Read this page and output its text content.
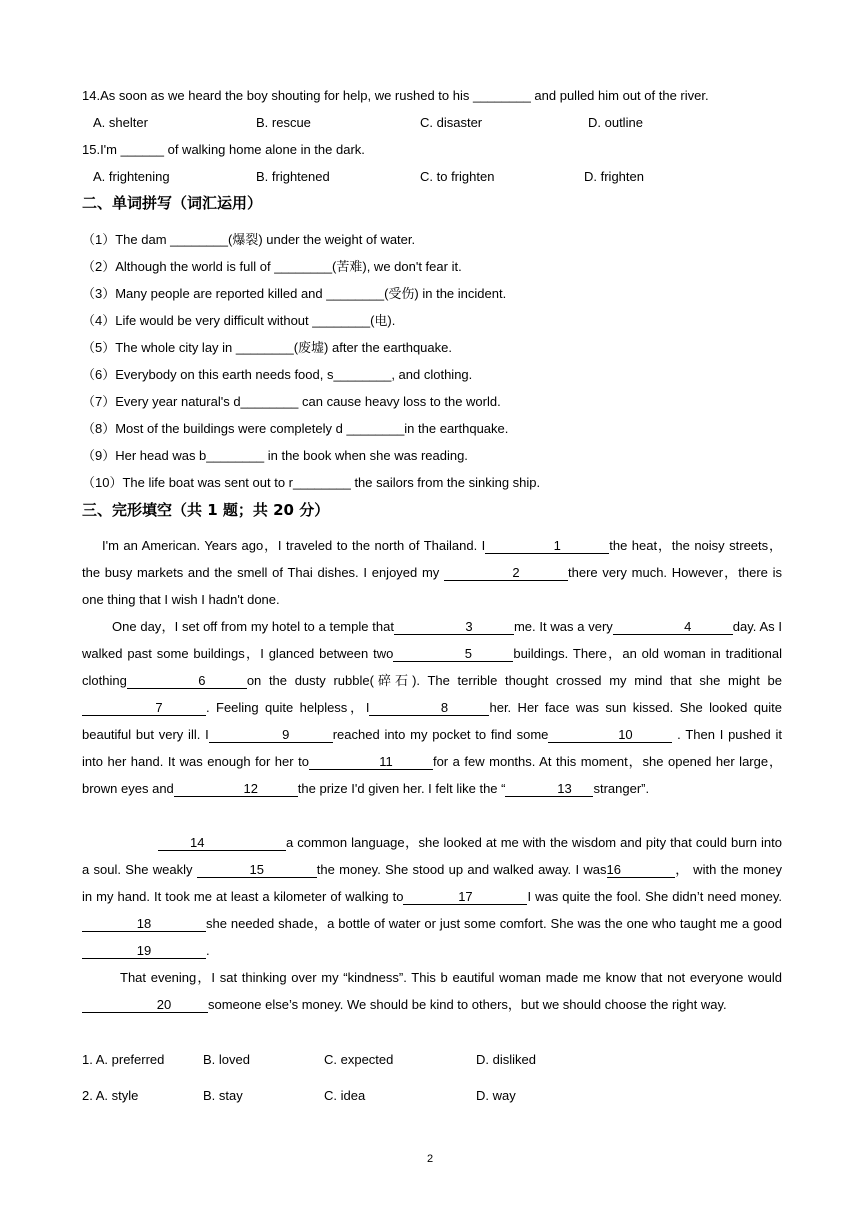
14.As soon as we heard the boy shouting for help, we rushed to his ________ and pulled him out of the river.
A. shelter	B. rescue	C. disaster	D. outline
15.I'm ______ of walking home alone in the dark.
A. frightening	B. frightened	C. to frighten	D. frighten
二、单词拼写（词汇运用）
（1）The dam ________(爆裂) under the weight of water.
（2）Although the world is full of ________(苦难), we don't fear it.
（3）Many people are reported killed and ________(受伤) in the incident.
（4）Life would be very difficult without ________(电).
（5）The whole city lay in ________(废墟) after the earthquake.
（6）Everybody on this earth needs food, s________, and clothing.
（7）Every year natural's d________ can cause heavy loss to the world.
（8）Most of the buildings were completely d ________in the earthquake.
（9）Her head was b________ in the book when she was reading.
（10）The life boat was sent out to r________ the sailors from the sinking ship.
三、完形填空（共 1 题；共 20 分）
I'm an American. Years ago，I traveled to the north of Thailand. I	1	the heat，the noisy streets，the busy markets and the smell of Thai dishes. I enjoyed my	2	there very much. However，there is one thing that I wish I hadn't done.
One day，I set off from my hotel to a temple that	3	me. It was a very	4	day. As I walked past some buildings，I glanced between two	5	buildings. There，an old woman in traditional clothing	6	on the dusty rubble(碎石). The terrible thought crossed my mind that she might be7	. Feeling quite helpless，I	8	her. Her face was sun kissed. She looked quite beautiful but very ill. I	9	reached into my pocket to find some	10	. Then I pushed it into her hand. It was enough for her to	11	for a few months. At this moment，she opened her large，brown eyes and	12	the prize I'd given her. I felt like the “	13 stranger”.
14	a common language，she looked at me with the wisdom and pity that could burn into a soul. She weakly	15	the money. She stood up and walked away. I was16	， with the money in my hand. It took me at least a kilometer of walking to	17	I was quite the fool. She didn’t need money.18	she needed shade，a bottle of water or just some comfort. She was the one who taught me a good19	.
That evening，I sat thinking over my “kindness”. This b eautiful woman made me know that not everyone would20	someone else’s money. We should be kind to others，but we should choose the right way.
1. A. preferred	B. loved	C. expected	D. disliked
2. A. style	B. stay	C. idea	D. way
2
